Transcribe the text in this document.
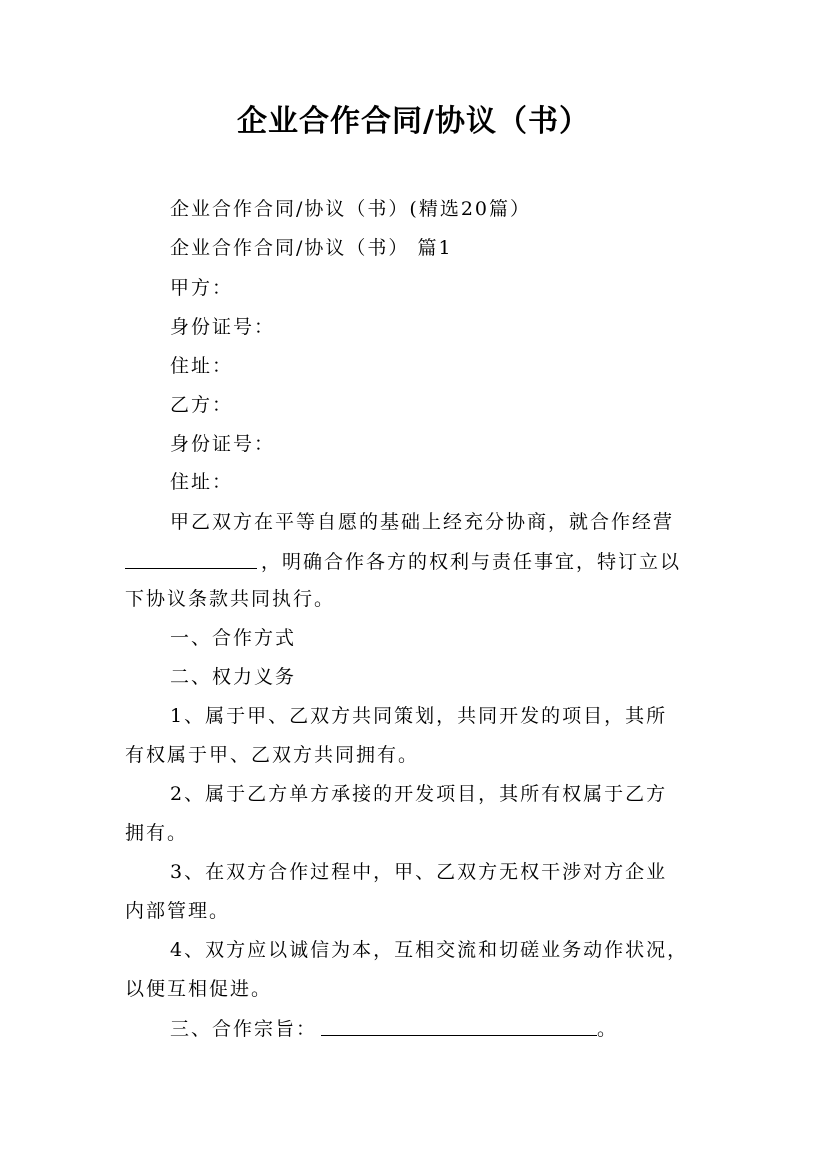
企业合作合同/协议（书）
企业合作合同/协议（书）(精选20篇）
企业合作合同/协议（书） 篇1
甲方：
身份证号：
住址：
乙方：
身份证号：
住址：
甲乙双方在平等自愿的基础上经充分协商，就合作经营
，明确合作各方的权利与责任事宜，特订立以
下协议条款共同执行。
一、合作方式
二、权力义务
1、属于甲、乙双方共同策划，共同开发的项目，其所
有权属于甲、乙双方共同拥有。
2、属于乙方单方承接的开发项目，其所有权属于乙方
拥有。
3、在双方合作过程中，甲、乙双方无权干涉对方企业
内部管理。
4、双方应以诚信为本，互相交流和切磋业务动作状况，
以便互相促进。
三、合作宗旨：	。
